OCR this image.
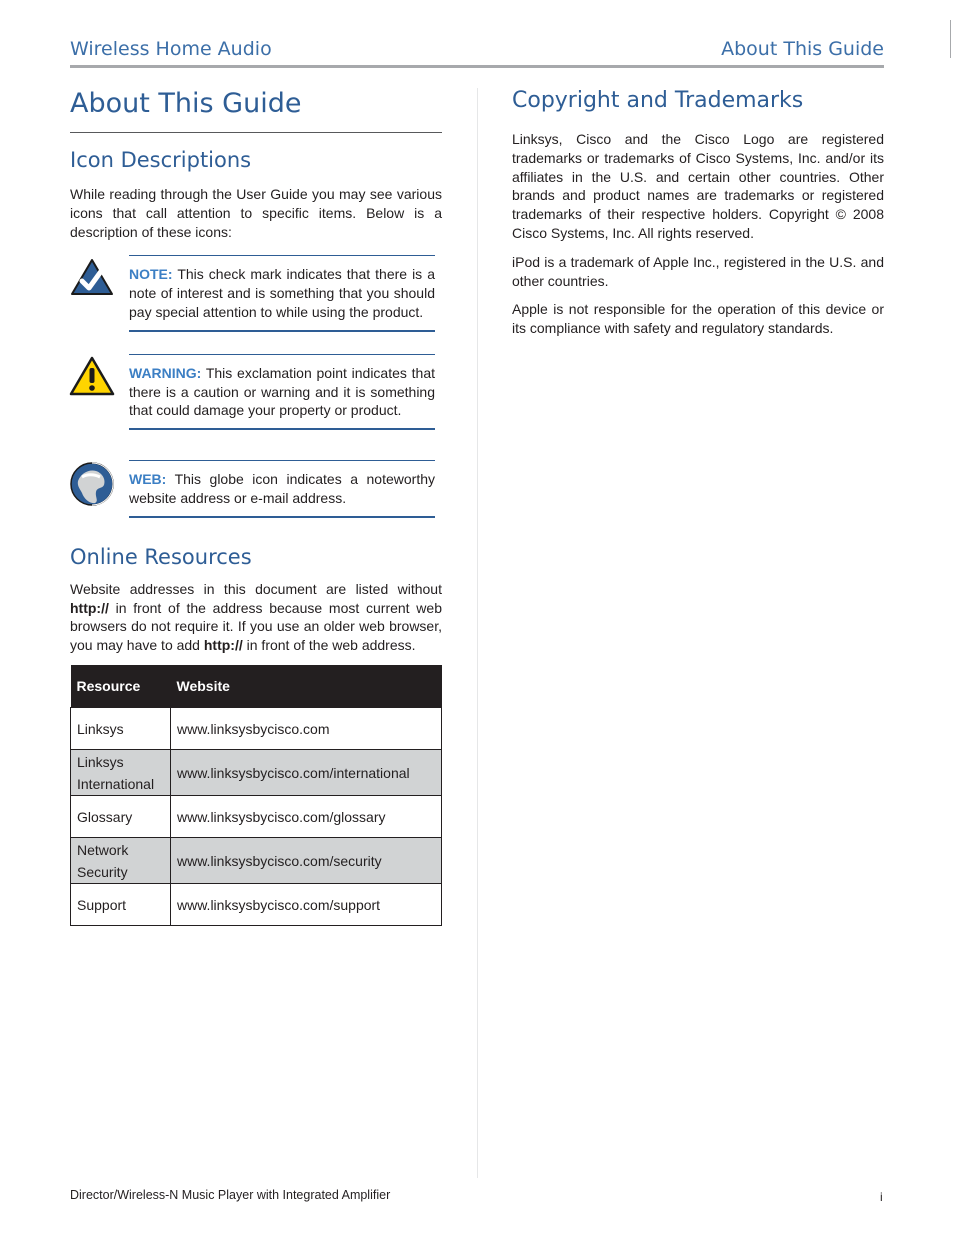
Wireless Home Audio	About This Guide
About This Guide
Icon Descriptions

While reading through the User Guide you may see various icons that call attention to specific items. Below is a description of these icons:

NOTE: This check mark indicates that there is a note of interest and is something that you should pay special attention to while using the product.

WARNING: This exclamation point indicates that there is a caution or warning and it is something that could damage your property or product.

WEB: This globe icon indicates a noteworthy website address or e-mail address.

Online Resources

Website addresses in this document are listed without http:// in front of the address because most current web browsers do not require it. If you use an older web browser, you may have to add http:// in front of the web address.

Resource	Website
Linksys	www.linksysbycisco.com
Linksys International	www.linksysbycisco.com/international
Glossary	www.linksysbycisco.com/glossary
Network Security	www.linksysbycisco.com/security
Support	www.linksysbycisco.com/support
Copyright and Trademarks

Linksys, Cisco and the Cisco Logo are registered trademarks or trademarks of Cisco Systems, Inc. and/or its affiliates in the U.S. and certain other countries. Other brands and product names are trademarks or registered trademarks of their respective holders. Copyright © 2008 Cisco Systems, Inc. All rights reserved.

iPod is a trademark of Apple Inc., registered in the U.S. and other countries.

Apple is not responsible for the operation of this device or its compliance with safety and regulatory standards.

Director/Wireless-N Music Player with Integrated Amplifier	i
